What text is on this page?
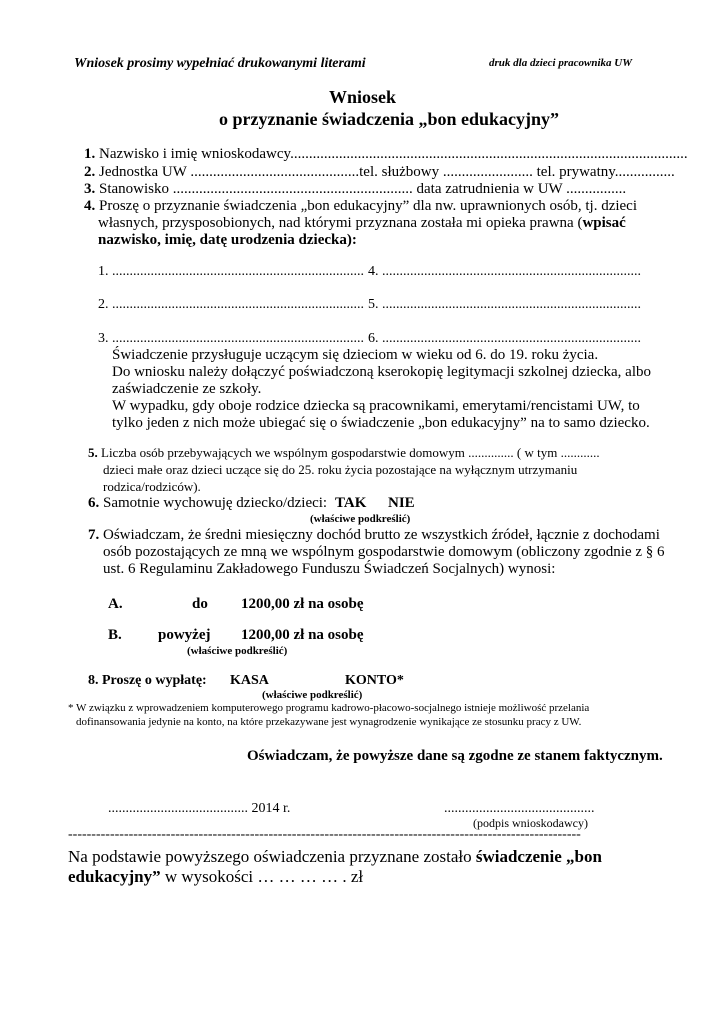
Wniosek prosimy wypełniać drukowanymi literami	druk dla dzieci pracownika UW
Wniosek
o przyznanie świadczenia „bon edukacyjny”
1. Nazwisko i imię wnioskodawcy..........................................................................................................
2. Jednostka UW .............................................tel. służbowy ........................ tel. prywatny................
3. Stanowisko ................................................................ data zatrudnienia w UW ................
4. Proszę o przyznanie świadczenia „bon edukacyjny” dla nw. uprawnionych osób, tj. dzieci
własnych, przysposobionych, nad którymi przyznana została mi opieka prawna (wpisać
nazwisko, imię, datę urodzenia dziecka):
1. ........................................................................ 4. ..........................................................................
2. ........................................................................ 5. ..........................................................................
3. ........................................................................ 6. ..........................................................................
Świadczenie przysługuje uczącym się dzieciom w wieku od 6. do 19. roku życia.
Do wniosku należy dołączyć poświadczoną kserokopię legitymacji szkolnej dziecka, albo
zaświadczenie ze szkoły.
W wypadku, gdy oboje rodzice dziecka są pracownikami, emerytami/rencistami UW, to
tylko jeden z nich może ubiegać się o świadczenie „bon edukacyjny” na to samo dziecko.
5. Liczba osób przebywających we wspólnym gospodarstwie domowym .............. ( w tym ............
dzieci małe oraz dzieci uczące się do 25. roku życia pozostające na wyłącznym utrzymaniu
rodzica/rodziców).
6. Samotnie wychowuję dziecko/dzieci: TAK NIE
(właściwe podkreślić)
7. Oświadczam, że średni miesięczny dochód brutto ze wszystkich źródeł, łącznie z dochodami
osób pozostających ze mną we wspólnym gospodarstwie domowym (obliczony zgodnie z § 6
ust. 6 Regulaminu Zakładowego Funduszu Świadczeń Socjalnych) wynosi:
A.	do 1200,00 zł na osobę
B. powyżej 1200,00 zł na osobę
(właściwe podkreślić)
8. Proszę o wypłatę: KASA	KONTO*
(właściwe podkreślić)
* W związku z wprowadzeniem komputerowego programu kadrowo-płacowo-socjalnego istnieje możliwość przelania
dofinansowania jedynie na konto, na które przekazywane jest wynagrodzenie wynikające ze stosunku pracy z UW.
Oświadczam, że powyższe dane są zgodne ze stanem faktycznym.
........................................ 2014 r.	...........................................
(podpis wnioskodawcy)
--------------------------------------------------------------------------------------------------------------
Na podstawie powyższego oświadczenia przyznane zostało świadczenie „bon
edukacyjny” w wysokości … … … … . zł
